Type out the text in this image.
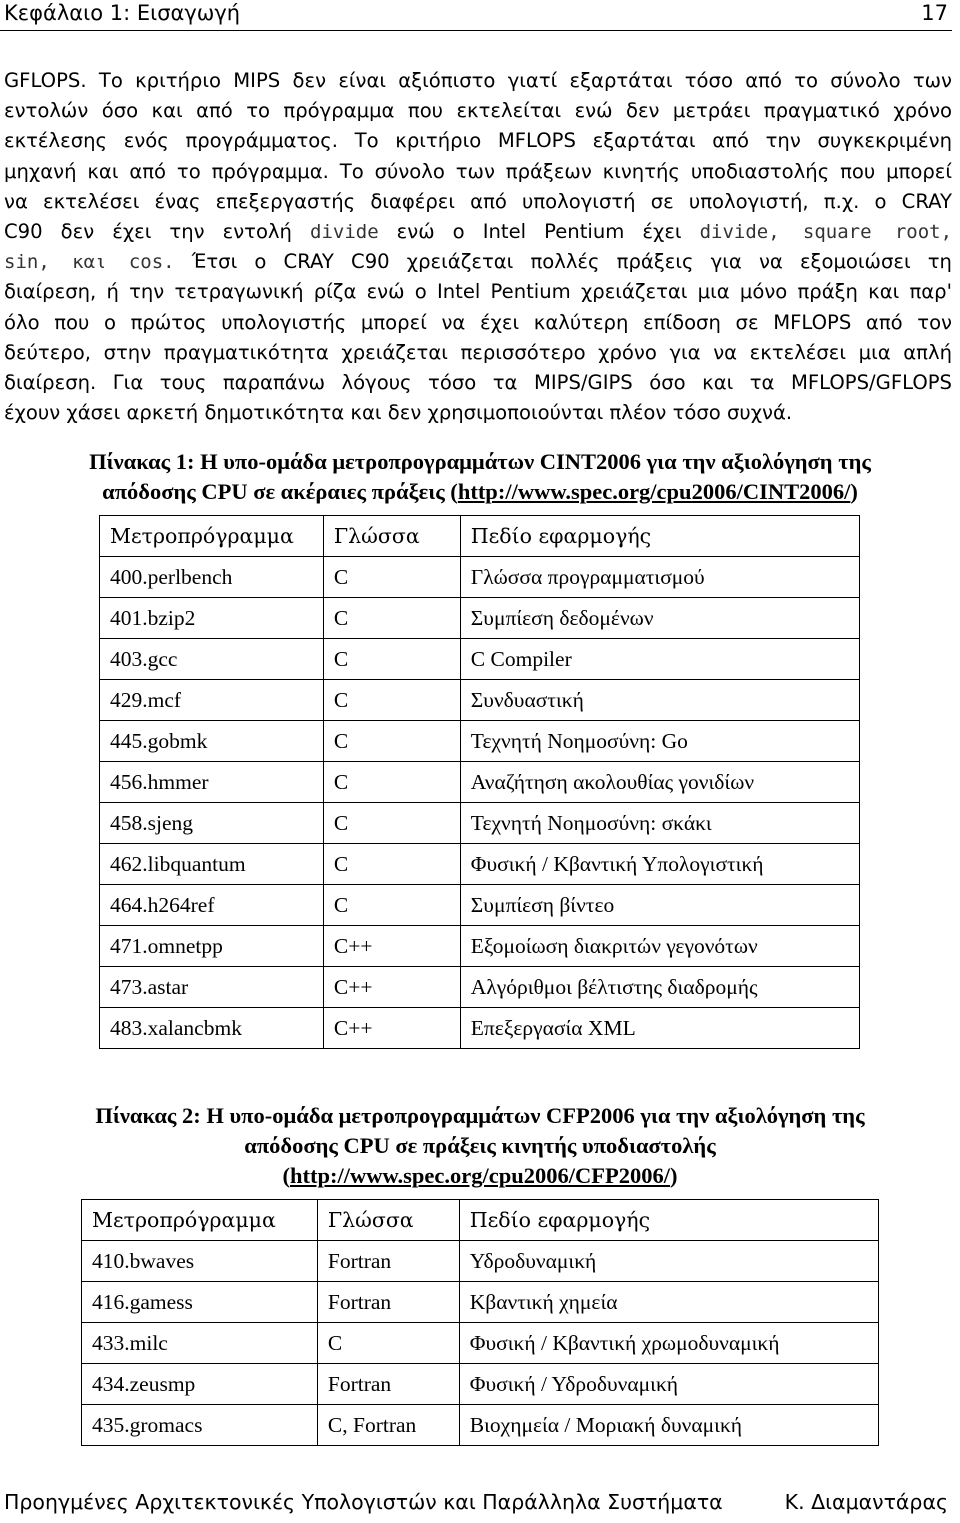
Κεφάλαιο 1: Εισαγωγή	17
GFLOPS. Το κριτήριο MIPS δεν είναι αξιόπιστο γιατί εξαρτάται τόσο από το σύνολο των
εντολών όσο και από το πρόγραμμα που εκτελείται ενώ δεν μετράει πραγματικό χρόνο
εκτέλεσης ενός προγράμματος. Το κριτήριο MFLOPS εξαρτάται από την συγκεκριμένη
μηχανή και από το πρόγραμμα. Το σύνολο των πράξεων κινητής υποδιαστολής που μπορεί
να εκτελέσει ένας επεξεργαστής διαφέρει από υπολογιστή σε υπολογιστή, π.χ. ο CRAY
C90 δεν έχει την εντολή divide ενώ ο Intel Pentium έχει divide, square root,
sin, και cos. Έτσι ο CRAY C90 χρειάζεται πολλές πράξεις για να εξομοιώσει τη
διαίρεση, ή την τετραγωνική ρίζα ενώ ο Intel Pentium χρειάζεται μια μόνο πράξη και παρ'
όλο που ο πρώτος υπολογιστής μπορεί να έχει καλύτερη επίδοση σε MFLOPS από τον
δεύτερο, στην πραγματικότητα χρειάζεται περισσότερο χρόνο για να εκτελέσει μια απλή
διαίρεση. Για τους παραπάνω λόγους τόσο τα MIPS/GIPS όσο και τα MFLOPS/GFLOPS
έχουν χάσει αρκετή δημοτικότητα και δεν χρησιμοποιούνται πλέον τόσο συχνά.
Πίνακας 1: Η υπο-ομάδα μετροπρογραμμάτων CINT2006 για την αξιολόγηση της
απόδοσης CPU σε ακέραιες πράξεις (http://www.spec.org/cpu2006/CINT2006/)
Μετροπρόγραμμα	Γλώσσα	Πεδίο εφαρμογής
400.perlbench	C	Γλώσσα προγραμματισμού
401.bzip2	C	Συμπίεση δεδομένων
403.gcc	C	C Compiler
429.mcf	C	Συνδυαστική
445.gobmk	C	Τεχνητή Νοημοσύνη: Go
456.hmmer	C	Αναζήτηση ακολουθίας γονιδίων
458.sjeng	C	Τεχνητή Νοημοσύνη: σκάκι
462.libquantum	C	Φυσική / Κβαντική Υπολογιστική
464.h264ref	C	Συμπίεση βίντεο
471.omnetpp	C++	Εξομοίωση διακριτών γεγονότων
473.astar	C++	Αλγόριθμοι βέλτιστης διαδρομής
483.xalancbmk	C++	Επεξεργασία XML
Πίνακας 2: Η υπο-ομάδα μετροπρογραμμάτων CFP2006 για την αξιολόγηση της
απόδοσης CPU σε πράξεις κινητής υποδιαστολής
(http://www.spec.org/cpu2006/CFP2006/)
Μετροπρόγραμμα	Γλώσσα	Πεδίο εφαρμογής
410.bwaves	Fortran	Υδροδυναμική
416.gamess	Fortran	Κβαντική χημεία
433.milc	C	Φυσική / Κβαντική χρωμοδυναμική
434.zeusmp	Fortran	Φυσική / Υδροδυναμική
435.gromacs	C, Fortran	Βιοχημεία / Μοριακή δυναμική
Προηγμένες Αρχιτεκτονικές Υπολογιστών και Παράλληλα Συστήματα	Κ. Διαμαντάρας
